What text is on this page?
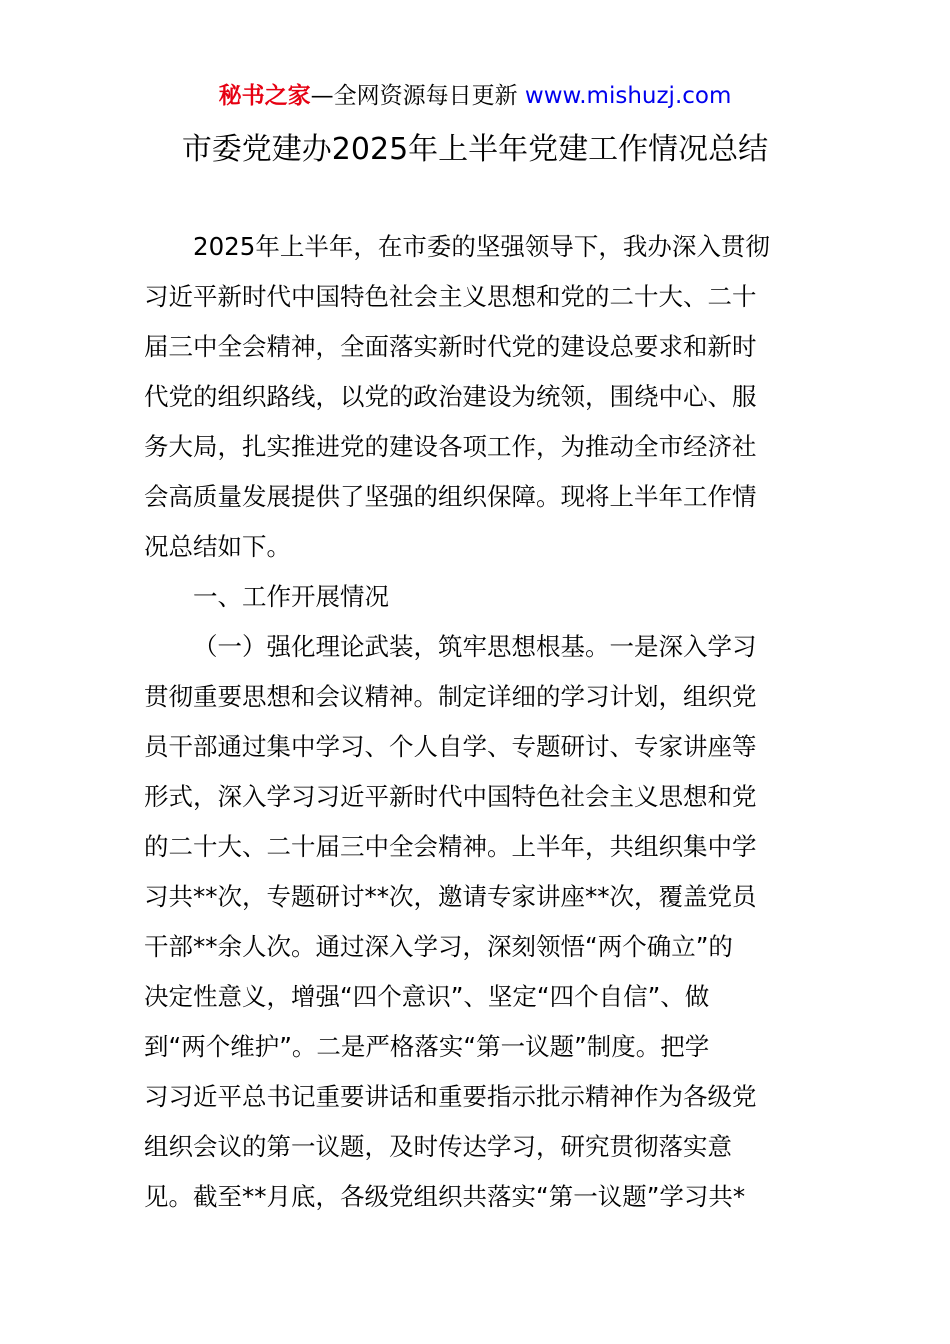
秘书之家—全网资源每日更新 www.mishuzj.com
市委党建办2025年上半年党建工作情况总结
2025年上半年，在市委的坚强领导下，我办深入贯彻
习近平新时代中国特色社会主义思想和党的二十大、二十
届三中全会精神，全面落实新时代党的建设总要求和新时
代党的组织路线，以党的政治建设为统领，围绕中心、服
务大局，扎实推进党的建设各项工作，为推动全市经济社
会高质量发展提供了坚强的组织保障。现将上半年工作情
况总结如下。
一、工作开展情况
（一）强化理论武装，筑牢思想根基。一是深入学习
贯彻重要思想和会议精神。制定详细的学习计划，组织党
员干部通过集中学习、个人自学、专题研讨、专家讲座等
形式，深入学习习近平新时代中国特色社会主义思想和党
的二十大、二十届三中全会精神。上半年，共组织集中学
习共**次，专题研讨**次，邀请专家讲座**次，覆盖党员
干部**余人次。通过深入学习，深刻领悟“两个确立”的
决定性意义，增强“四个意识”、坚定“四个自信”、做
到“两个维护”。二是严格落实“第一议题”制度。把学
习习近平总书记重要讲话和重要指示批示精神作为各级党
组织会议的第一议题，及时传达学习，研究贯彻落实意
见。截至**月底，各级党组织共落实“第一议题”学习共*
